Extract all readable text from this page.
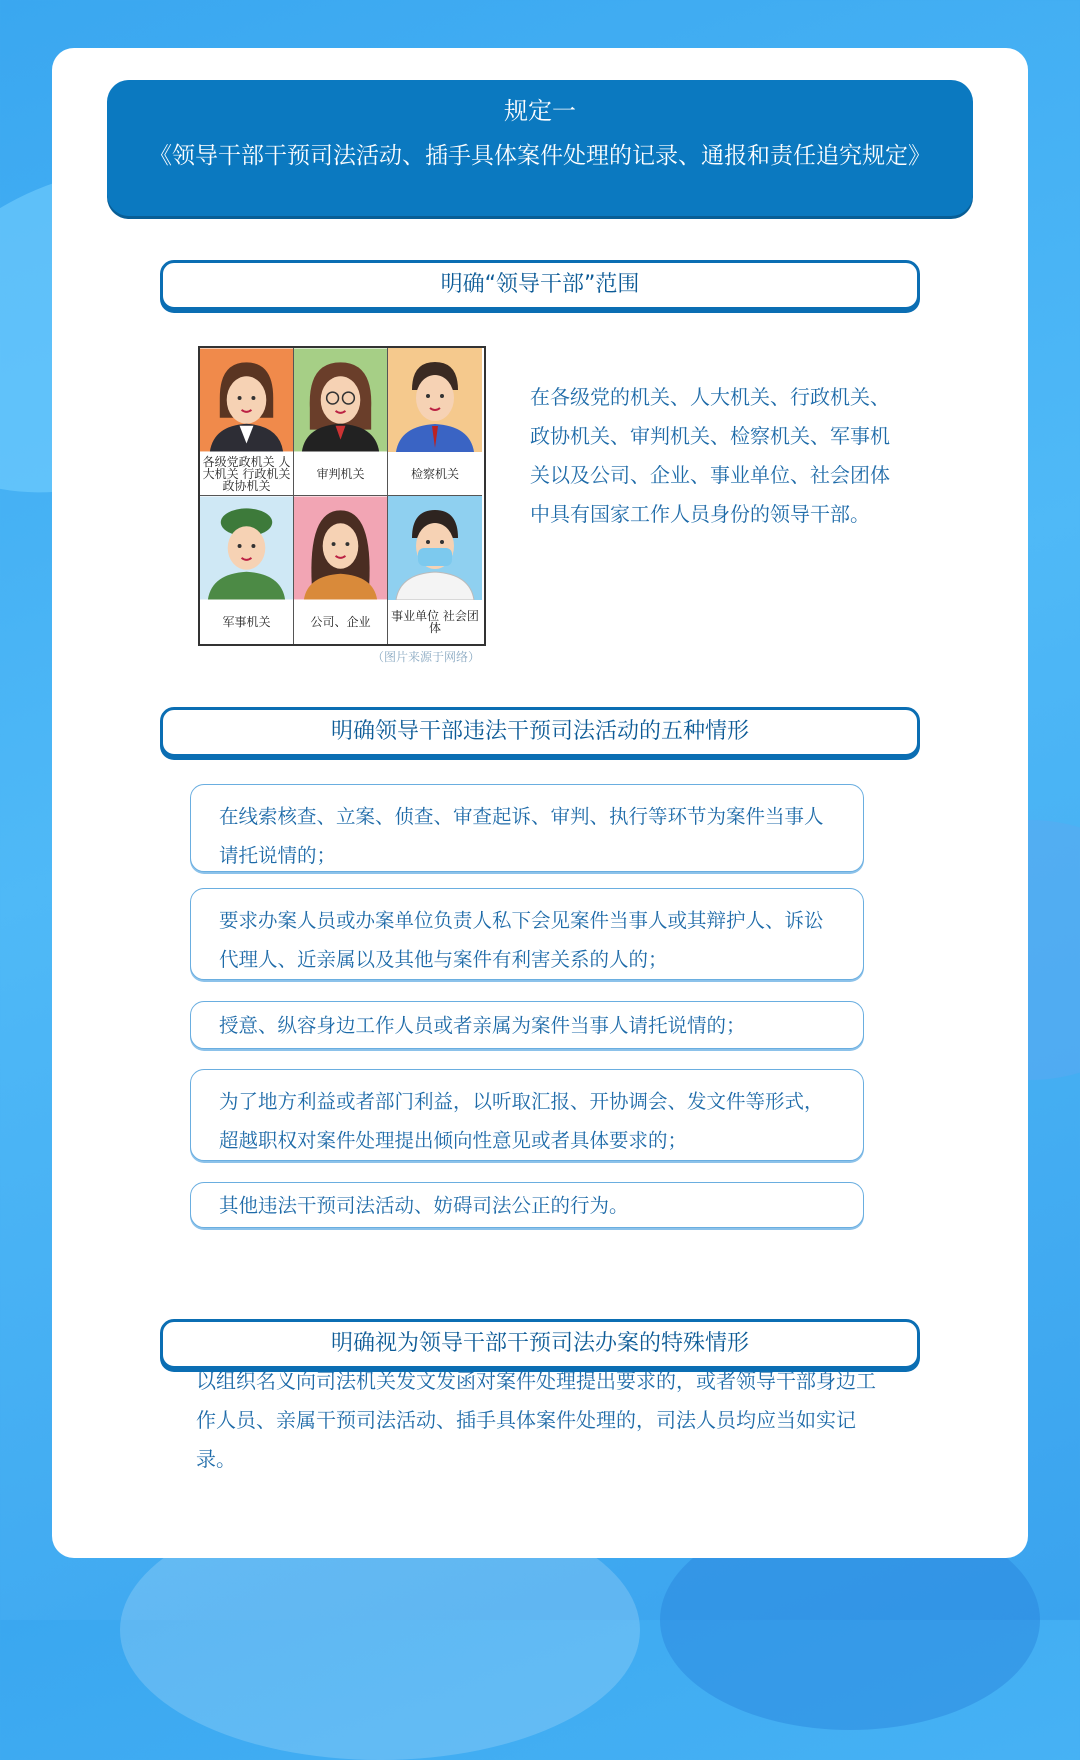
规定一
《领导干部干预司法活动、插手具体案件处理的记录、通报和责任追究规定》
明确“领导干部”范围
各级党政机关 人大机关 行政机关 政协机关
审判机关	检察机关
军事机关	公司、企业	事业单位 社会团体
（图片来源于网络）
在各级党的机关、人大机关、行政机关、政协机关、审判机关、检察机关、军事机关以及公司、企业、事业单位、社会团体中具有国家工作人员身份的领导干部。
明确领导干部违法干预司法活动的五种情形
在线索核查、立案、侦查、审查起诉、审判、执行等环节为案件当事人请托说情的；
要求办案人员或办案单位负责人私下会见案件当事人或其辩护人、诉讼代理人、近亲属以及其他与案件有利害关系的人的；
授意、纵容身边工作人员或者亲属为案件当事人请托说情的；
为了地方利益或者部门利益，以听取汇报、开协调会、发文件等形式，超越职权对案件处理提出倾向性意见或者具体要求的；
其他违法干预司法活动、妨碍司法公正的行为。
明确视为领导干部干预司法办案的特殊情形
以组织名义向司法机关发文发函对案件处理提出要求的，或者领导干部身边工作人员、亲属干预司法活动、插手具体案件处理的，司法人员均应当如实记录。
